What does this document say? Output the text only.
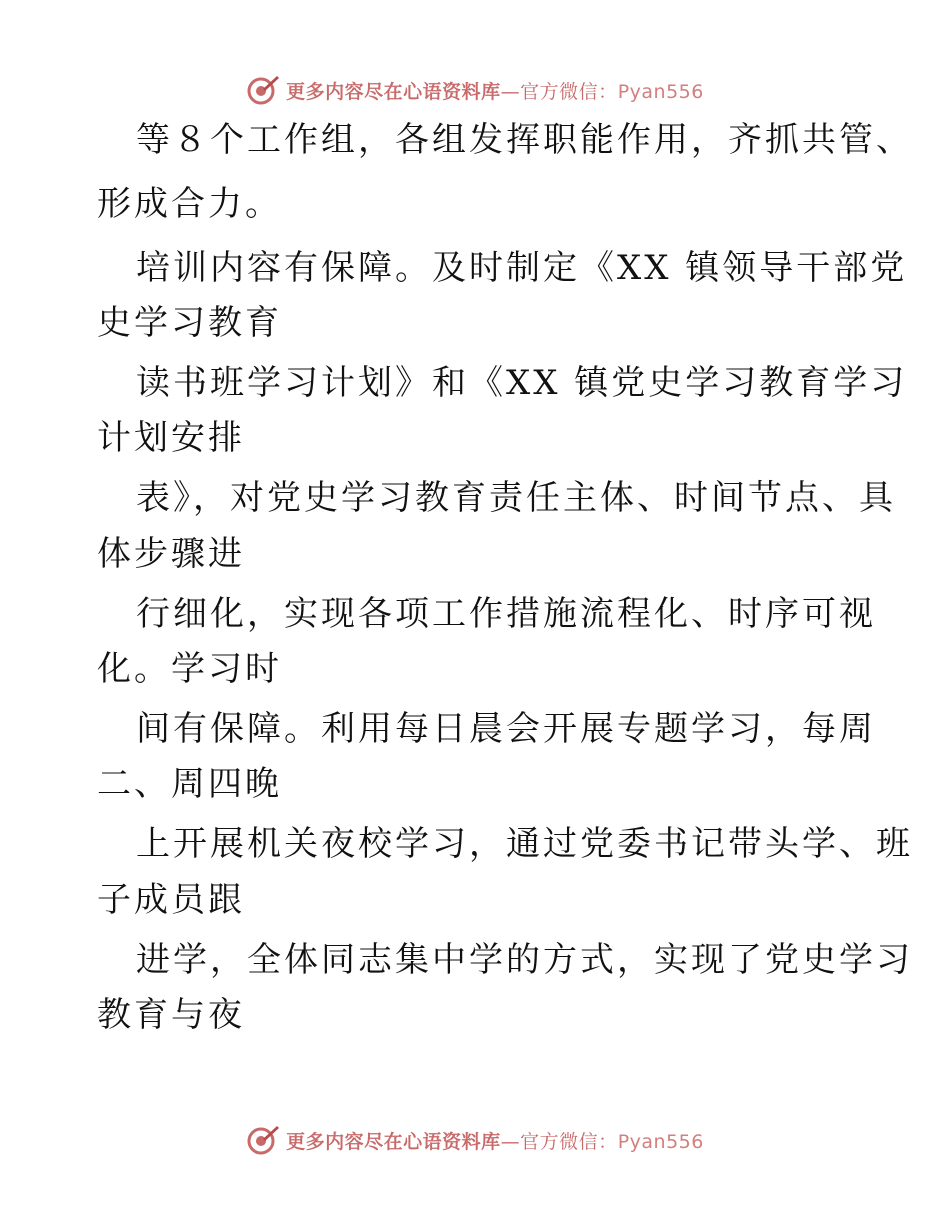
更多内容尽在心语资料库—官方微信：Pyan556
等８个工作组，各组发挥职能作用，齐抓共管、
形成合力。
培训内容有保障。及时制定《XX 镇领导干部党
史学习教育
读书班学习计划》和《XX 镇党史学习教育学习
计划安排
表》，对党史学习教育责任主体、时间节点、具
体步骤进
行细化，实现各项工作措施流程化、时序可视
化。学习时
间有保障。利用每日晨会开展专题学习，每周
二、周四晚
上开展机关夜校学习，通过党委书记带头学、班
子成员跟
进学，全体同志集中学的方式，实现了党史学习
教育与夜
更多内容尽在心语资料库—官方微信：Pyan556
